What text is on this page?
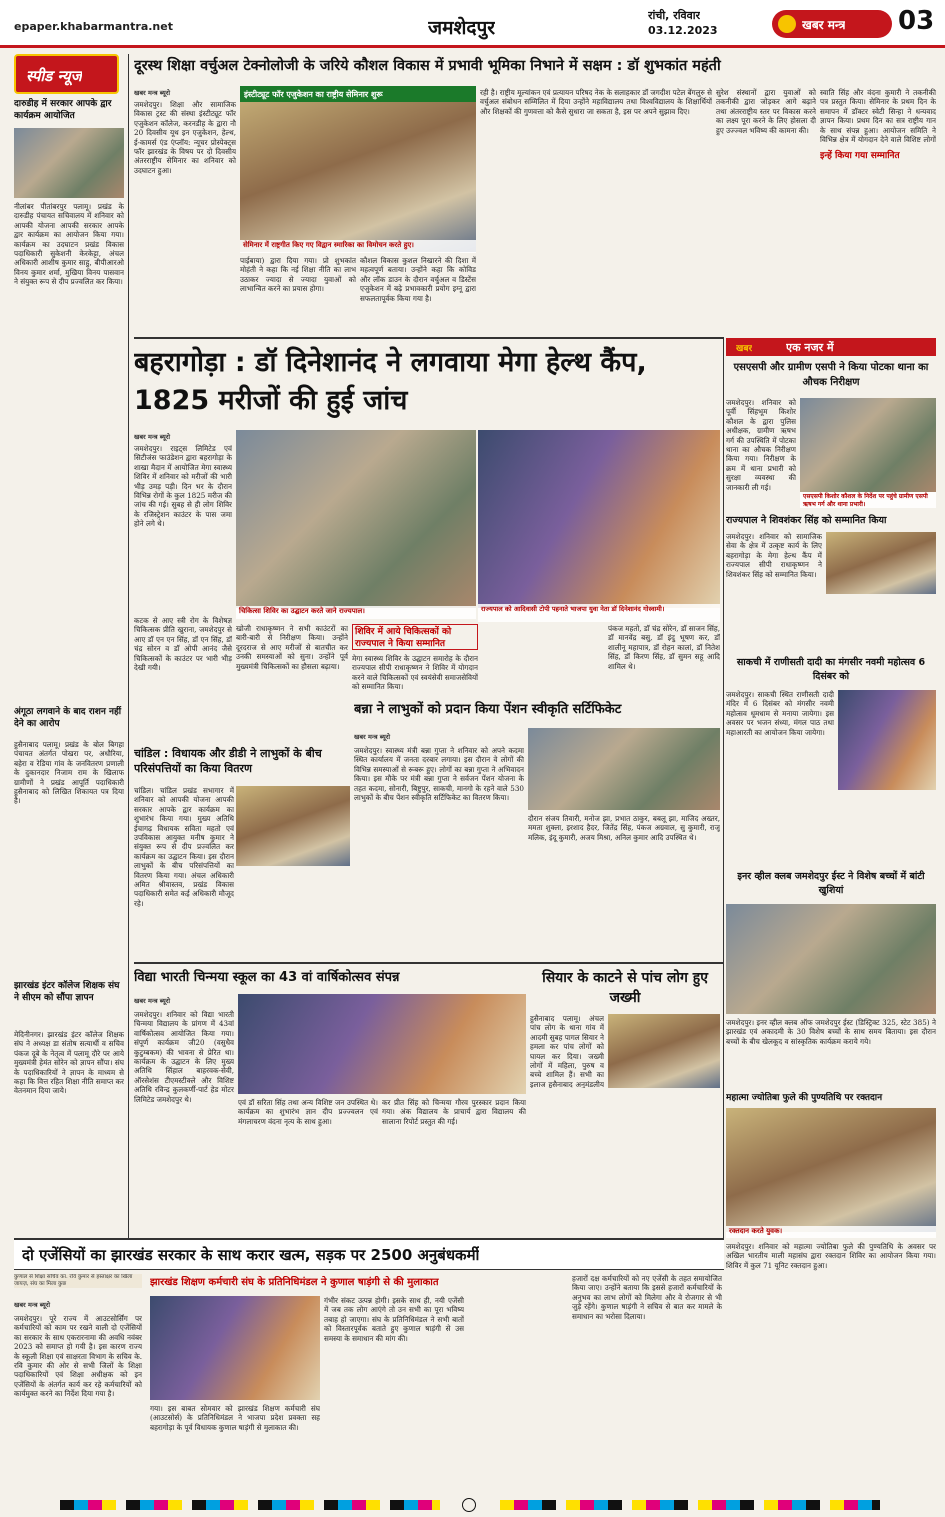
epaper.khabarmantra.net	जमशेदपुर
रांची, रविवार
03.12.2023	खबर मन्त्र 03
स्पीड न्यूज
दारुडीह में सरकार आपके द्वार कार्यक्रम आयोजित
नीलांबर पीतांबरपुर पलामू। प्रखंड के दारुडीह पंचायत सचिवालय में शनिवार को आपकी योजना आपकी सरकार आपके द्वार कार्यक्रम का आयोजन किया गया। कार्यक्रम का उदघाटन प्रखंड विकास पदाधिकारी सुकेशनी केरकेट्टा, अंचल अधिकारी आशीष कुमार साहु, बीपीआरओ विनय कुमार शर्मा, मुखिया विनय पासवान ने संयुक्त रूप से दीप प्रज्वलित कर किया।
अंगूठा लगवाने के बाद राशन नहीं देने का आरोप
हुसैनाबाद पलामू। प्रखंड के बोल बिगहा पंचायत अंतर्गत पोखरा पर, अधौरिया, बहेरा व रेडिया गांव के जनवितरण प्रणाली के दुकानदार निजाम राम के खिलाफ ग्रामीणों ने प्रखंड आपूर्ति पदाधिकारी हुसैनाबाद को लिखित शिकायत पत्र दिया है।
झारखंड इंटर कॉलेज शिक्षक संघ ने सीएम को सौंपा ज्ञापन
मेदिनीनगर। झारखंड इंटर कॉलेज शिक्षक संघ ने अध्यक्ष डा संतोष सत्यार्थी व सचिव पंकज दूबे के नेतृत्व में पलामू दौरे पर आये मुख्यमंत्री हेमंत सोरेन को ज्ञापन सौंपा। संघ के पदाधिकारियों ने ज्ञापन के माध्यम से कहा कि वित्त रहित शिक्षा नीति समाप्त कर वेतनमान दिया जाये।
दूरस्थ शिक्षा वर्चुअल टेक्नोलोजी के जरिये कौशल विकास में प्रभावी भूमिका निभाने में सक्षम : डॉ शुभकांत महंती
इंस्टीट्यूट फॉर एजुकेशन का राष्ट्रीय सेमिनार शुरू
सेमिनार में राष्ट्रगीत किए गए विद्वान स्मारिका का विमोचन करते हुए।
खबर मन्त्र ब्यूरो
जमशेदपुर। शिक्षा और सामाजिक विकास ट्रस्ट की संस्था इंस्टीट्यूट फॉर एजुकेशन कॉलेज, करनडीह के द्वारा नौ 20 दिवसीय यूथ इन एजुकेशन, हेल्थ, ई-कामर्स एंड एंप्लॉय: न्यूचर प्रोस्पेक्ट्स फॉर झारखंड के विषय पर दो दिवसीय अंतरराष्ट्रीय सेमिनार का शनिवार को उदघाटन हुआ।
पाईबाया) द्वारा दिया गया। प्रो शुभकांत मोहंती ने कहा कि नई शिक्षा नीति का लाभ उठाकर ज्यादा से ज्यादा युवाओं को लाभान्वित करने का प्रयास होगा।
कौशल विकास कुशल निखारने की दिशा में महत्वपूर्ण बताया। उन्होंने कहा कि कोविड और लॉक डाउन के दौरान वर्चुअल व डिस्टेंस एजुकेशन में बढ़े प्रभावकारी प्रयोग इग्नू द्वारा सफलतापूर्वक किया गया है।
रही है। राष्ट्रीय मूल्यांकन एवं प्रत्यायन परिषद नेक के सलाहकार डॉ जगदीश पटेल बेंगलुरु से वर्चुअल संबोधन सम्मिलित में दिया उन्होंने महाविद्यालय तथा विश्वविद्यालय के शिक्षार्थियों और शिक्षकों की गुणवत्ता को कैसे सुधारा जा सकता है, इस पर अपने सुझाव दिए।
सुरेश संस्थानों द्वारा युवाओं को तकनीकी द्वारा जोड़कर आगे बढ़ाने तथा अंतरराष्ट्रीय स्तर पर विकास करने का लक्ष्य पूरा करने के लिए होसला दी हुए उज्ज्वल भविष्य की कामना की।
इन्हें किया गया सम्मानित
स्वाति सिंह और वंदना कुमारी ने तकनीकी पत्र प्रस्तुत किया। सेमिनार के प्रथम दिन के समापन में डॉक्टर स्वेटी सिन्हा ने धन्यवाद ज्ञापन किया। प्रथम दिन का सत्र राष्ट्रीय गान के साथ संपन्न हुआ। आयोजन समिति ने विभिन्न क्षेत्र में योगदान देने वाले विशिष्ट लोगों
बहरागोड़ा : डॉ दिनेशानंद ने लगवाया मेगा हेल्थ कैंप, 1825 मरीजों की हुई जांच
खबर मन्त्र ब्यूरो
जमशेदपुर। राइट्स लिमिटेड एवं सिटीजंस फाउंडेशन द्वारा बहरागोड़ा के शाखा मैदान में आयोजित मेगा स्वास्थ्य शिविर में शनिवार को मरीजों की भारी भीड़ उमड़ पड़ी। दिन भर के दौरान विभिन्न रोगों के कुल 1825 मरीज की जांच की गई। सुबह से ही लोग शिविर के रजिस्ट्रेशन काउंटर के पास जमा होने लगे थे।
कटक से आए स्त्री रोग के विशेषज्ञ चिकित्सक प्रीति खुराना, जमशेदपुर से आए डॉ एन एन सिंह, डॉ एन सिंह, डॉ चंद्र सोरन व डॉ ओपी आनंद जैसे चिकित्सकों के काउंटर पर भारी भीड़ देखी गयी।
चिकित्सा शिविर का उद्घाटन करते जाने राज्यपाल।	राज्यपाल को आदिवासी टोपी पहनाते भाजपा युवा नेता डॉ दिनेशानंद गोस्वामी।
खोजी राधाकृष्णन ने सभी काउंटरों का बारी-बारी से निरीक्षण किया। उन्होंने दूरदराज से आए मरीजों से बातचीत कर उनकी समस्याओं को सुना। उन्होंने पूर्व मुख्यमंत्री चिकित्सकों का हौसला बढ़ाया।
शिविर में आये चिकित्सकों को राज्यपाल ने किया सम्मानित
मेगा स्वास्थ्य शिविर के उद्घाटन समारोह के दौरान राज्यपाल सीपी राधाकृष्णन ने शिविर में योगदान करने वाले चिकित्सकों एवं स्वयंसेवी समाजसेवियों को सम्मानित किया।
पंकज महतो, डॉ चंद्र सोरेन, डॉ साजन सिंह, डॉ मानवेंद्र बसु, डॉ इंदु भूषण कर, डॉ शालीनू महापात्र, डॉ रोहन कालां, डॉ नितेश सिंह, डॉ किरण सिंह, डॉ सुमन सहू आदि शामिल थे।
चांडिल : विधायक और डीडी ने लाभुकों के बीच परिसंपत्तियों का किया वितरण
चांडिल। चांडिल प्रखंड सभागार में शनिवार को आपकी योजना आपकी सरकार आपके द्वार कार्यक्रम का शुभारंभ किया गया। मुख्य अतिथि ईचागढ़ विधायक सविता महतो एवं उपविकास आयुक्त मनीष कुमार ने संयुक्त रूप से दीप प्रज्वलित कर कार्यक्रम का उद्घाटन किया। इस दौरान लाभुकों के बीच परिसंपत्तियों का वितरण किया गया। अंचल अधिकारी अमित श्रीवास्तव, प्रखंड विकास पदाधिकारी समेत कई अधिकारी मौजूद रहे।
बन्ना ने लाभुकों को प्रदान किया पेंशन स्वीकृति सर्टिफिकेट
खबर मन्त्र ब्यूरो
जमशेदपुर। स्वास्थ्य मंत्री बन्ना गुप्ता ने शनिवार को अपने कदमा स्थित कार्यालय में जनता दरबार लगाया। इस दौरान वे लोगों की विभिन्न समस्याओं से रूबरू हुए। लोगों का बन्ना गुप्ता ने अभिवादन किया। इस मौके पर मंत्री बन्ना गुप्ता ने सर्वजन पेंशन योजना के तहत कदमा, सोनारी, बिष्टुपुर, साकची, मानगो के रहने वाले 530 लाभुकों के बीच पेंशन स्वीकृति सर्टिफिकेट का वितरण किया।
दौरान संजय तिवारी, मनोज झा, प्रभात ठाकुर, बबलू झा, माजिद अख्तर, ममता शुक्ला, इरशाद हैदर, जितेंद्र सिंह, पंकज अग्रवाल, सु कुमारी, राजू मलिक, इंदू कुमारी, अजय मिश्रा, अनिल कुमार आदि उपस्थित थे।
विद्या भारती चिन्मया स्कूल का 43 वां वार्षिकोत्सव संपन्न
खबर मन्त्र ब्यूरो
जमशेदपुर। शनिवार को विद्या भारती चिन्मया विद्यालय के प्रांगण में 43वां वार्षिकोत्सव आयोजित किया गया। संपूर्ण कार्यक्रम जी20 (वसुधैव कुटुम्बकम) की भावना से प्रेरित था। कार्यक्रम के उद्घाटन के लिए मुख्य अतिथि सिंहाल बाहरवक-सेवी, ऑरसेशंस टीएमस्टीक्ले और विशिष्ट अतिथि रविन्द्र कुलकर्णी-पार्ट हेड मोटर लिमिटेड जमशेदपुर थे।	एवं डॉ सरिता सिंह तथा अन्य विशिष्ट जन उपस्थित थे। कार्यक्रम का शुभारंभ ज्ञान दीप प्रज्ज्वलन एवं मंगलाचरण वंदना नृत्य के साथ हुआ।
कर प्रीत सिंह को चिन्मया गौरव पुरस्कार प्रदान किया गया। अंक विद्यालय के प्राचार्य द्वारा विद्यालय की सालाना रिपोर्ट प्रस्तुत की गई।
सियार के काटने से पांच लोग हुए जख्मी
हुसैनाबाद पलामू। अंचल पांच लोग के थाना गांव में आदमी सुबह पागल सियार ने हमला कर पांच लोगों को घायल कर दिया। जख्मी लोगों में महिला, पुरुष व बच्चे शामिल हैं। सभी का इलाज हुसैनाबाद अनुमंडलीय
खबर	एक नजर में
एसएसपी और ग्रामीण एसपी ने किया पोटका थाना का औचक निरीक्षण
जमशेदपुर। शनिवार को पूर्वी सिंहभूम किशोर कौशल के द्वारा पुलिस अधीक्षक, ग्रामीण ऋषभ गर्ग की उपस्थिति में पोटका थाना का औचक निरीक्षण किया गया। निरीक्षण के क्रम में थाना प्रभारी को सुरक्षा व्यवस्था की जानकारी ली गई।
एसएसपी किशोर कौशल के निर्देश पर पहुंचे ग्रामीण एसपी ऋषभ गर्ग और थाना प्रभारी।
राज्यपाल ने शिवशंकर सिंह को सम्मानित किया
जमशेदपुर। शनिवार को सामाजिक सेवा के क्षेत्र में उत्कृष्ट कार्य के लिए बहरागोड़ा के मेगा हेल्थ कैंप में राज्यपाल सीपी राधाकृष्णन ने शिवशंकर सिंह को सम्मानित किया।
साकची में राणीसती दादी का मंगसीर नवमी महोत्सव 6 दिसंबर को
जमशेदपुर। साकची स्थित राणीसती दादी मंदिर में 6 दिसंबर को मंगसीर नवमी महोत्सव धूमधाम से मनाया जायेगा। इस अवसर पर भजन संध्या, मंगल पाठ तथा महाआरती का आयोजन किया जायेगा।
इनर व्हील क्लब जमशेदपुर ईस्ट ने विशेष बच्चों में बांटी खुशियां
जमशेदपुर। इनर व्हील क्लब ऑफ जमशेदपुर ईस्ट (डिस्ट्रिक्ट 325, स्टेट 385) ने झारखंड एवं अकादमी के 30 विशेष बच्चों के साथ समय बिताया। इस दौरान बच्चों के बीच खेलकूद व सांस्कृतिक कार्यक्रम कराये गये।
महात्मा ज्योतिबा फुले की पुण्यतिथि पर रक्तदान
रक्तदान करते युवक।
जमशेदपुर। शनिवार को महात्मा ज्योतिबा फुले की पुण्यतिथि के अवसर पर अखिल भारतीय माली महासंघ द्वारा रक्तदान शिविर का आयोजन किया गया। शिविर में कुल 71 यूनिट रक्तदान हुआ।
दो एजेंसियों का झारखंड सरकार के साथ करार खत्म, सड़क पर 2500 अनुबंधकर्मी
कुणाल से शिक्षा सचिव का. रवि कुमार से हस्ताक्षर का खिला जायज़, संघ का मिला कुछ
खबर मन्त्र ब्यूरो
जमशेदपुर। पूरे राज्य में आउटसोर्सिंग पर कर्मचारियों को काम पर रखने वाली दो एजेंसियों का सरकार के साथ एकरारनामा की अवधि नवंबर 2023 को समाप्त हो गयी है। इस कारण राज्य के स्कूली शिक्षा एवं साक्षरता विभाग के सचिव के. रवि कुमार की ओर से सभी जिलों के शिक्षा पदाधिकारियों एवं शिक्षा अधीक्षक को इन एजेंसियों के अंतर्गत कार्य कर रहे कर्मचारियों को कार्यमुक्त करने का निर्देश दिया गया है।
झारखंड शिक्षण कर्मचारी संघ के प्रतिनिधिमंडल ने कुणाल षाड़ंगी से की मुलाकात
गया। इस बाबत सोमवार को झारखंड शिक्षण कर्मचारी संघ (आउटसोर्स) के प्रतिनिधिमंडल ने भाजपा प्रदेश प्रवक्ता सह बहरागोड़ा के पूर्व विधायक कुणाल षाड़ंगी से मुलाकात की।
गंभीर संकट उत्पन्न होगी। इसके साथ ही, नयी एजेंसी में जब तक लोग आएंगे तो उन सभी का पूरा भविष्य तबाह हो जाएगा। संघ के प्रतिनिधिमंडल ने सभी बातों को विस्तारपूर्वक बताते हुए कुणाल षाड़ंगी से उस समस्या के समाधान की मांग की।
हजारों दक्ष कर्मचारियों को नए एजेंसी के तहत समायोजित किया जाए। उन्होंने बताया कि इससे हजारों कर्मचारियों के अनुभव का लाभ लोगों को मिलेगा और वे रोजगार से भी जुड़े रहेंगे। कुणाल षाड़ंगी ने सचिव से बात कर मामले के समाधान का भरोसा दिलाया।
